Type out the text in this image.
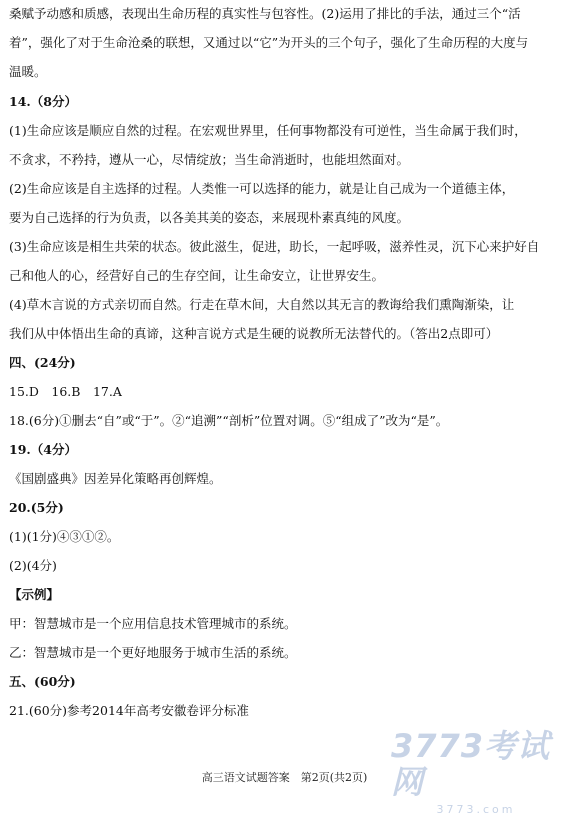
桑赋予动感和质感，表现出生命历程的真实性与包容性。(2)运用了排比的手法，通过三个“活
着”，强化了对于生命沧桑的联想，又通过以“它”为开头的三个句子，强化了生命历程的大度与
温暖。
14.（8分）
(1)生命应该是顺应自然的过程。在宏观世界里，任何事物都没有可逆性，当生命属于我们时，
不贪求，不矜持，遵从一心，尽情绽放；当生命消逝时，也能坦然面对。
(2)生命应该是自主选择的过程。人类惟一可以选择的能力，就是让自己成为一个道德主体，
要为自己选择的行为负责，以各美其美的姿态，来展现朴素真纯的风度。
(3)生命应该是相生共荣的状态。彼此滋生，促进，助长，一起呼吸，滋养性灵，沉下心来护好自
己和他人的心，经营好自己的生存空间，让生命安立，让世界安生。
(4)草木言说的方式亲切而自然。行走在草木间，大自然以其无言的教诲给我们熏陶渐染，让
我们从中体悟出生命的真谛，这种言说方式是生硬的说教所无法替代的。（答出2点即可）
四、(24分)
15.D　16.B　17.A
18.(6分)①删去“自”或“于”。②“追溯”“剖析”位置对调。⑤“组成了”改为“是”。
19.（4分）
《国剧盛典》因差异化策略再创辉煌。
20.(5分)
(1)(1分)④③①②。
(2)(4分)
【示例】
甲：智慧城市是一个应用信息技术管理城市的系统。
乙：智慧城市是一个更好地服务于城市生活的系统。
五、(60分)
21.(60分)参考2014年高考安徽卷评分标准
3773考试网
3773.com
高三语文试题答案　第2页(共2页)
